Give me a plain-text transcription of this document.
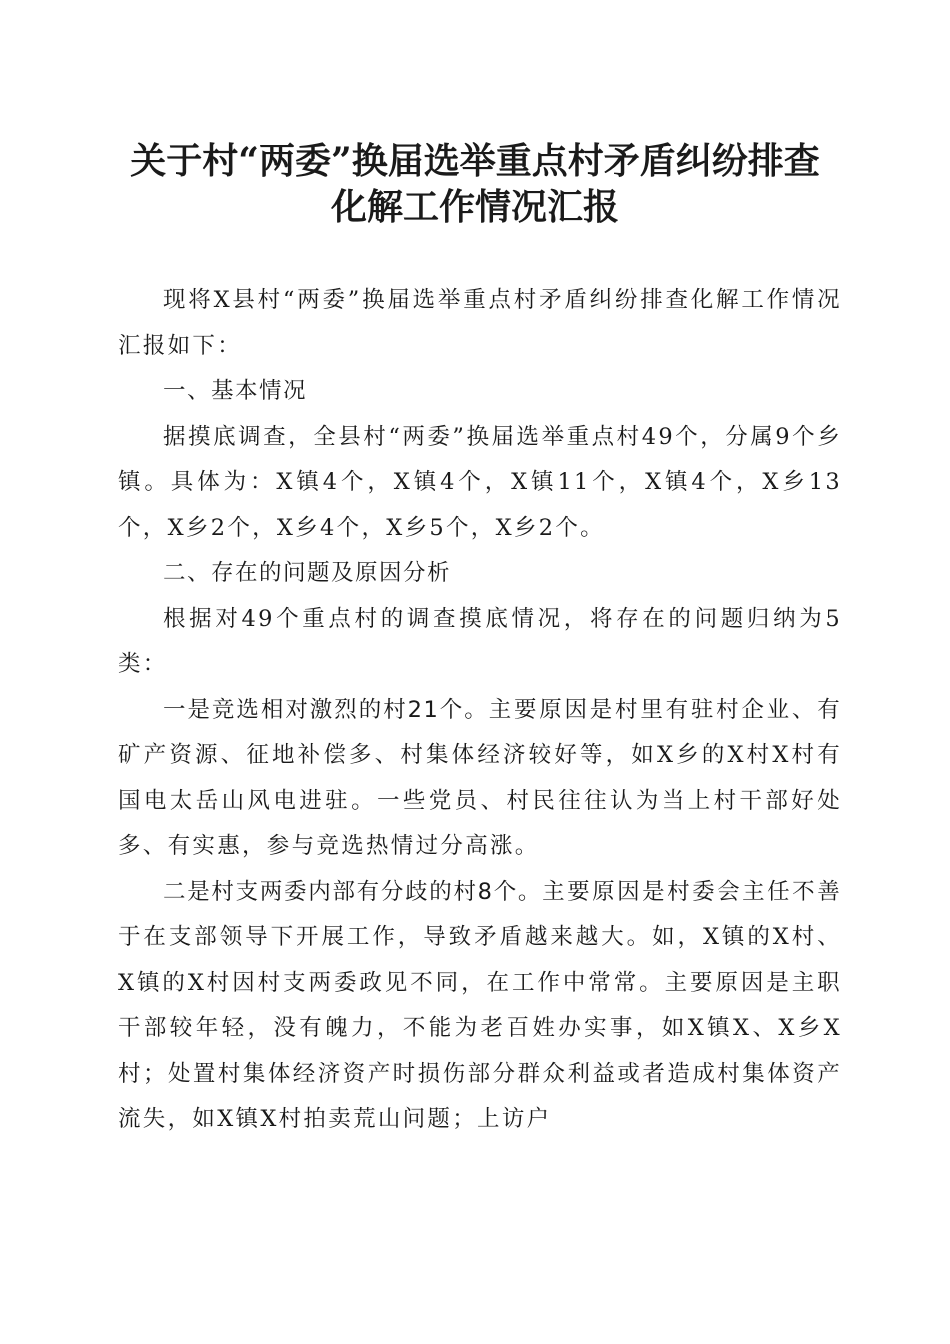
关于村“两委”换届选举重点村矛盾纠纷排查
化解工作情况汇报

现将X县村“两委”换届选举重点村矛盾纠纷排查化解工作情况汇报如下：

一、基本情况

据摸底调查，全县村“两委”换届选举重点村49个，分属9个乡镇。具体为：X镇4个，X镇4个，X镇11个，X镇4个，X乡13个，X乡2个，X乡4个，X乡5个，X乡2个。

二、存在的问题及原因分析

根据对49个重点村的调查摸底情况，将存在的问题归纳为5类：

一是竞选相对激烈的村21个。主要原因是村里有驻村企业、有矿产资源、征地补偿多、村集体经济较好等，如X乡的X村X村有国电太岳山风电进驻。一些党员、村民往往认为当上村干部好处多、有实惠，参与竞选热情过分高涨。

二是村支两委内部有分歧的村8个。主要原因是村委会主任不善于在支部领导下开展工作，导致矛盾越来越大。如，X镇的X村、X镇的X村因村支两委政见不同，在工作中常常。主要原因是主职干部较年轻，没有魄力，不能为老百姓办实事，如X镇X、X乡X村；处置村集体经济资产时损伤部分群众利益或者造成村集体资产流失，如X镇X村拍卖荒山问题；上访户
